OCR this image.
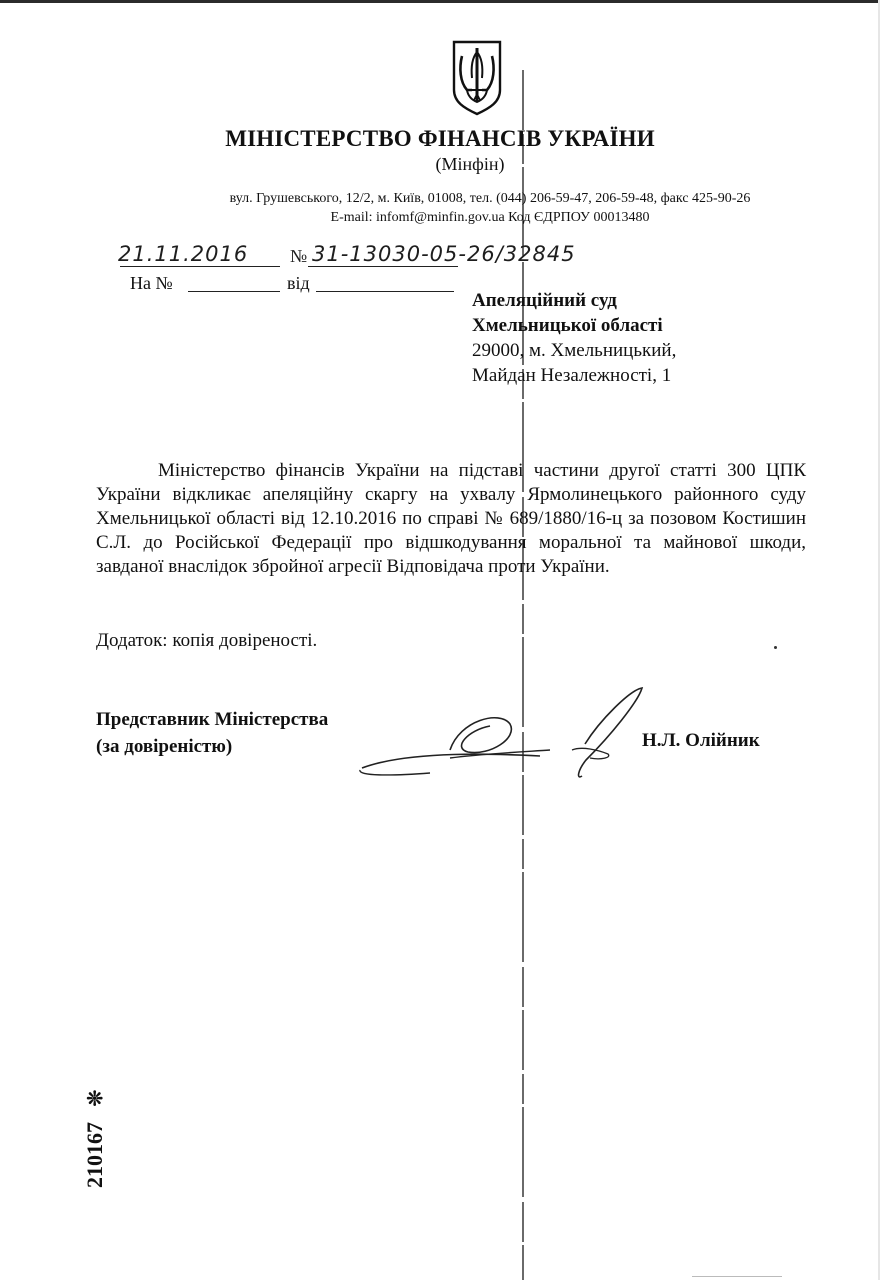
МІНІСТЕРСТВО ФІНАНСІВ УКРАЇНИ
(Мінфін)
вул. Грушевського, 12/2, м. Київ, 01008, тел. (044) 206-59-47, 206-59-48, факс 425-90-26
E-mail: infomf@minfin.gov.ua Код ЄДРПОУ 00013480
21.11.2016 № 31-13030-05-26/32845
На №	від
Апеляційний суд
Хмельницької області
29000, м. Хмельницький,
Майдан Незалежності, 1
Міністерство фінансів України на підставі частини другої статті 300 ЦПК України відкликає апеляційну скаргу на ухвалу Ярмолинецького районного суду Хмельницької області від 12.10.2016 по справі № 689/1880/16-ц за позовом Костишин С.Л. до Російської Федерації про відшкодування моральної та майнової шкоди, завданої внаслідок збройної агресії Відповідача проти України.
Додаток: копія довіреності.
Представник Міністерства
(за довіреністю)	Н.Л. Олійник
210167 ❊
